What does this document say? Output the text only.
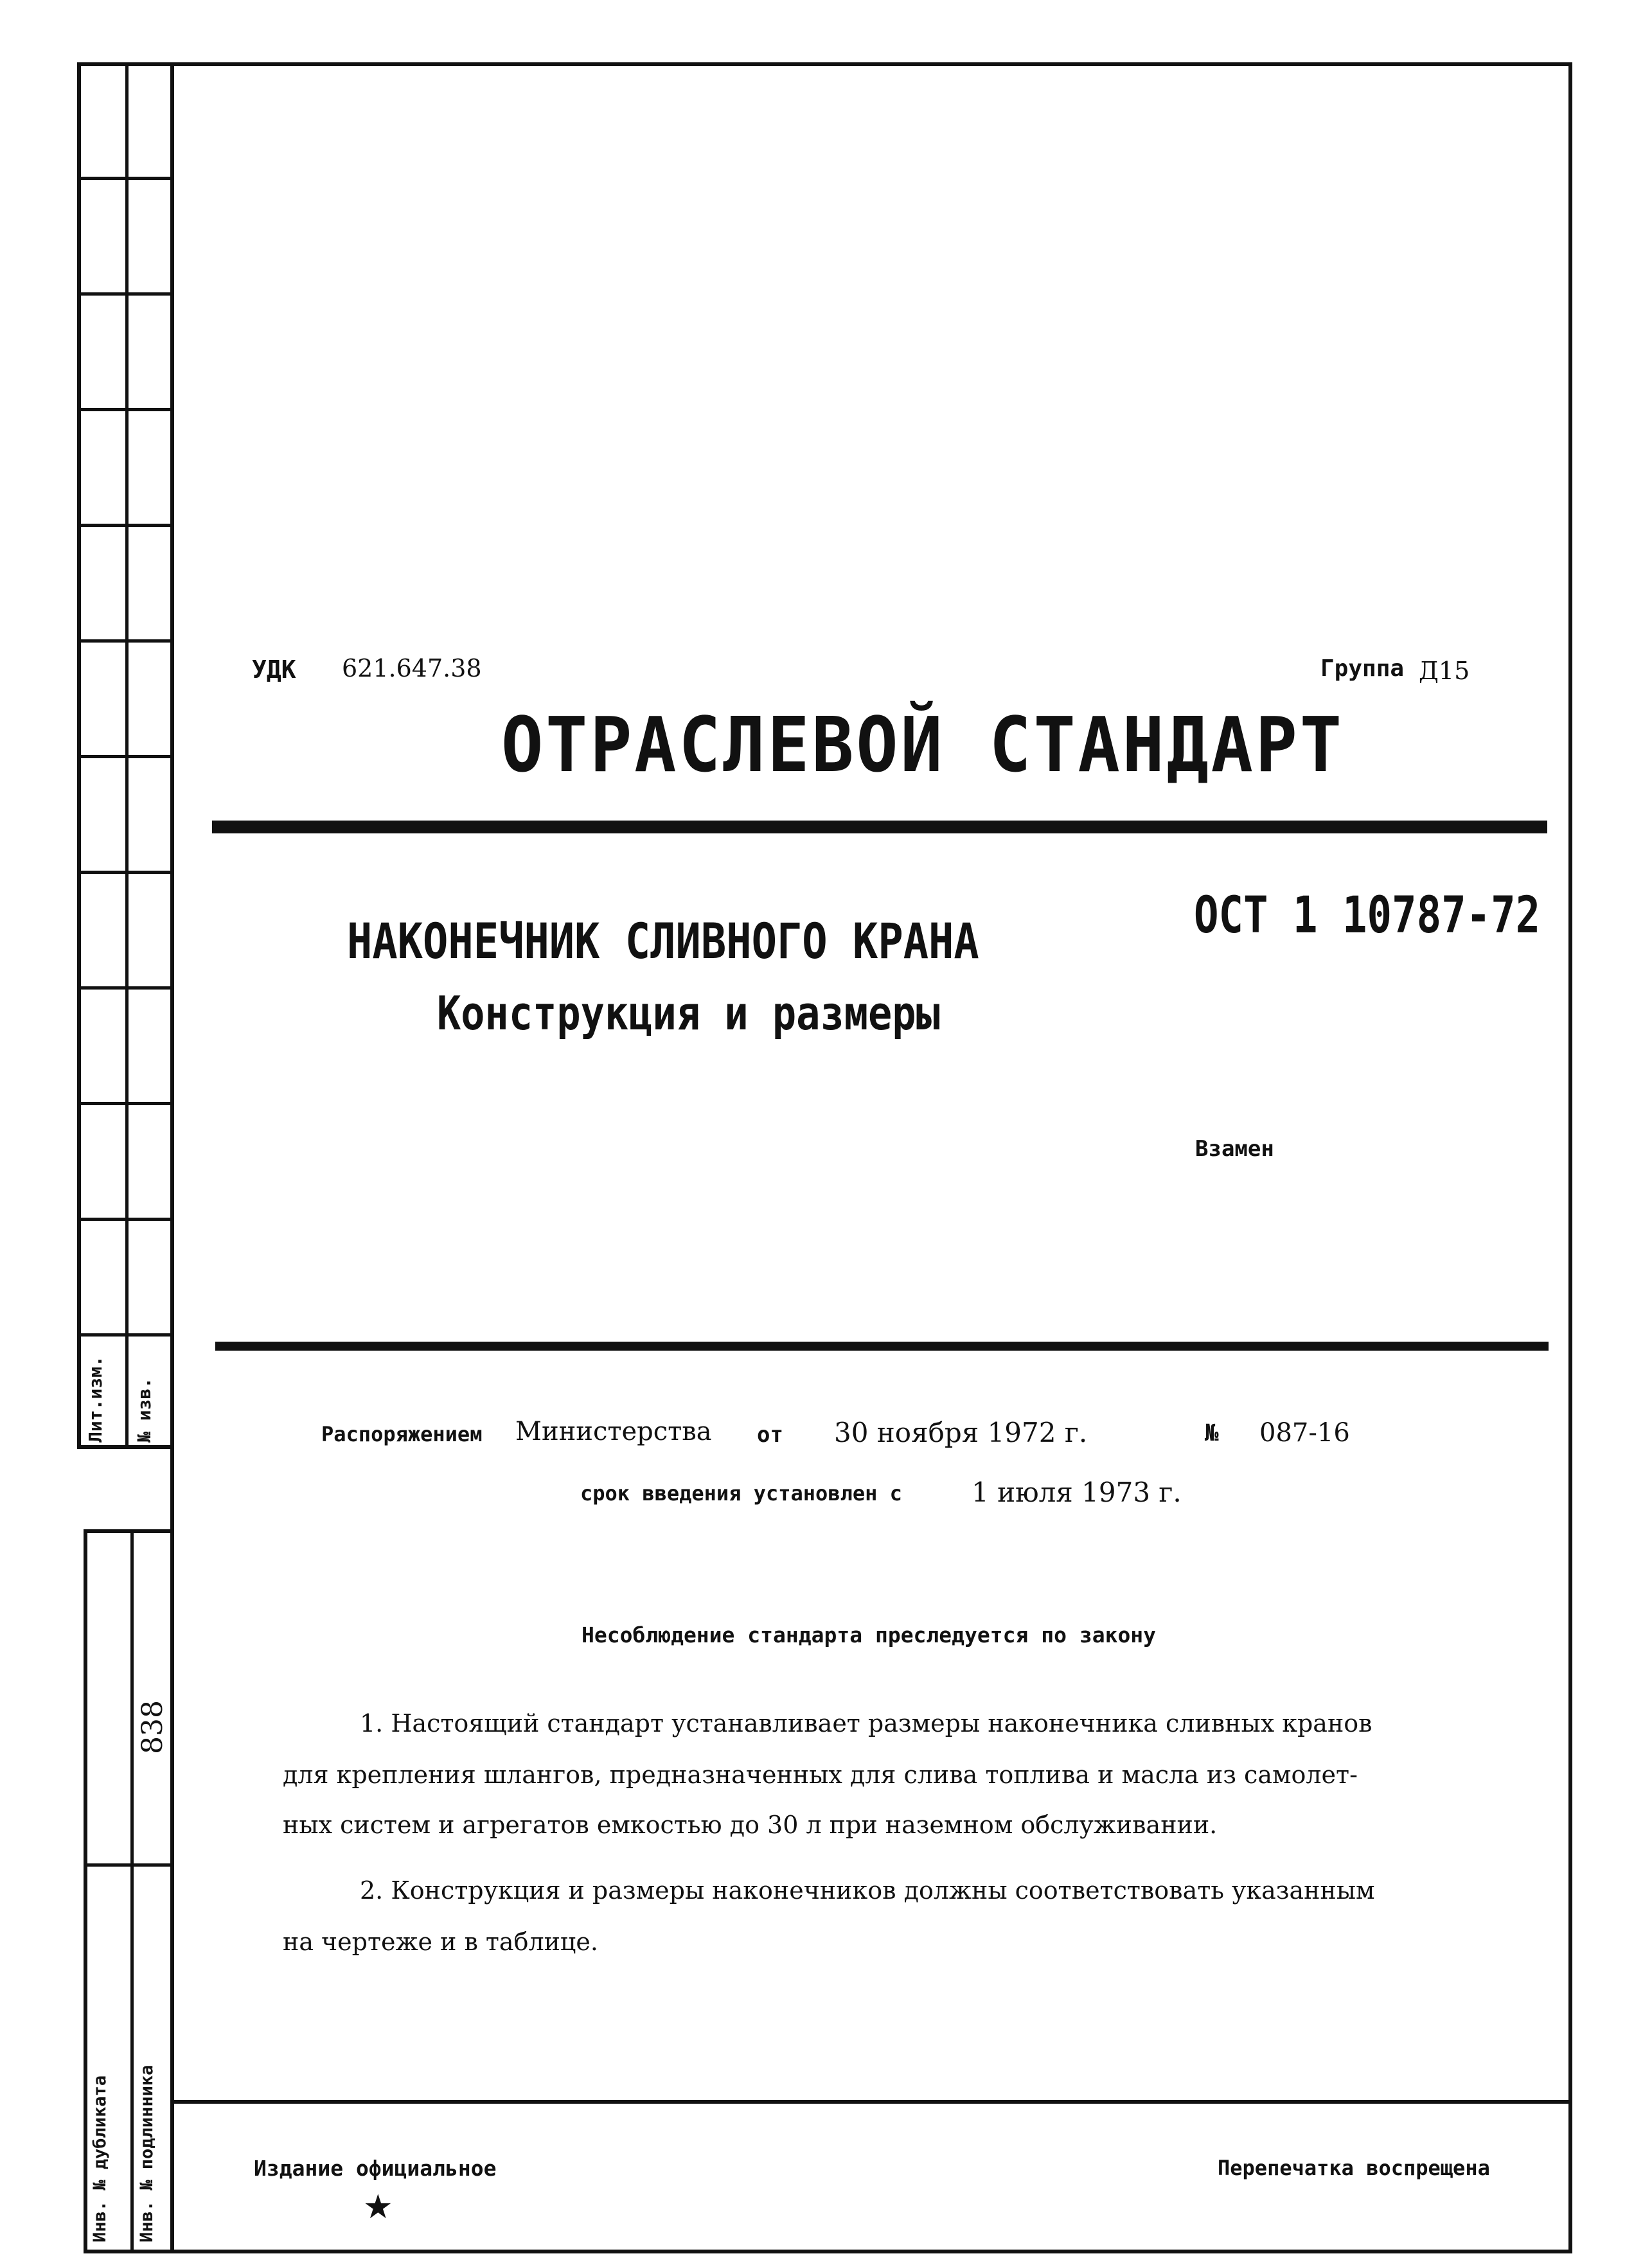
Лит.изм. № изв.
838
Инв. № дубликата Инв. № подлинника
УДК 621.647.38	Группа Д15
ОТРАСЛЕВОЙ СТАНДАРТ
НАКОНЕЧНИК СЛИВНОГО КРАНА
Конструкция и размеры
ОСТ 1 10787-72
Взамен
Распоряжением Министерства от 30 ноября 1972 г.	№ 087-16
срок введения установлен с	1 июля 1973 г.
Несоблюдение стандарта преследуется по закону
1. Настоящий стандарт устанавливает размеры наконечника сливных кранов
для крепления шлангов, предназначенных для слива топлива и масла из самолет-
ных систем и агрегатов емкостью до 30 л при наземном обслуживании.
2. Конструкция и размеры наконечников должны соответствовать указанным
на чертеже и в таблице.
Издание официальное
★
Перепечатка воспрещена
